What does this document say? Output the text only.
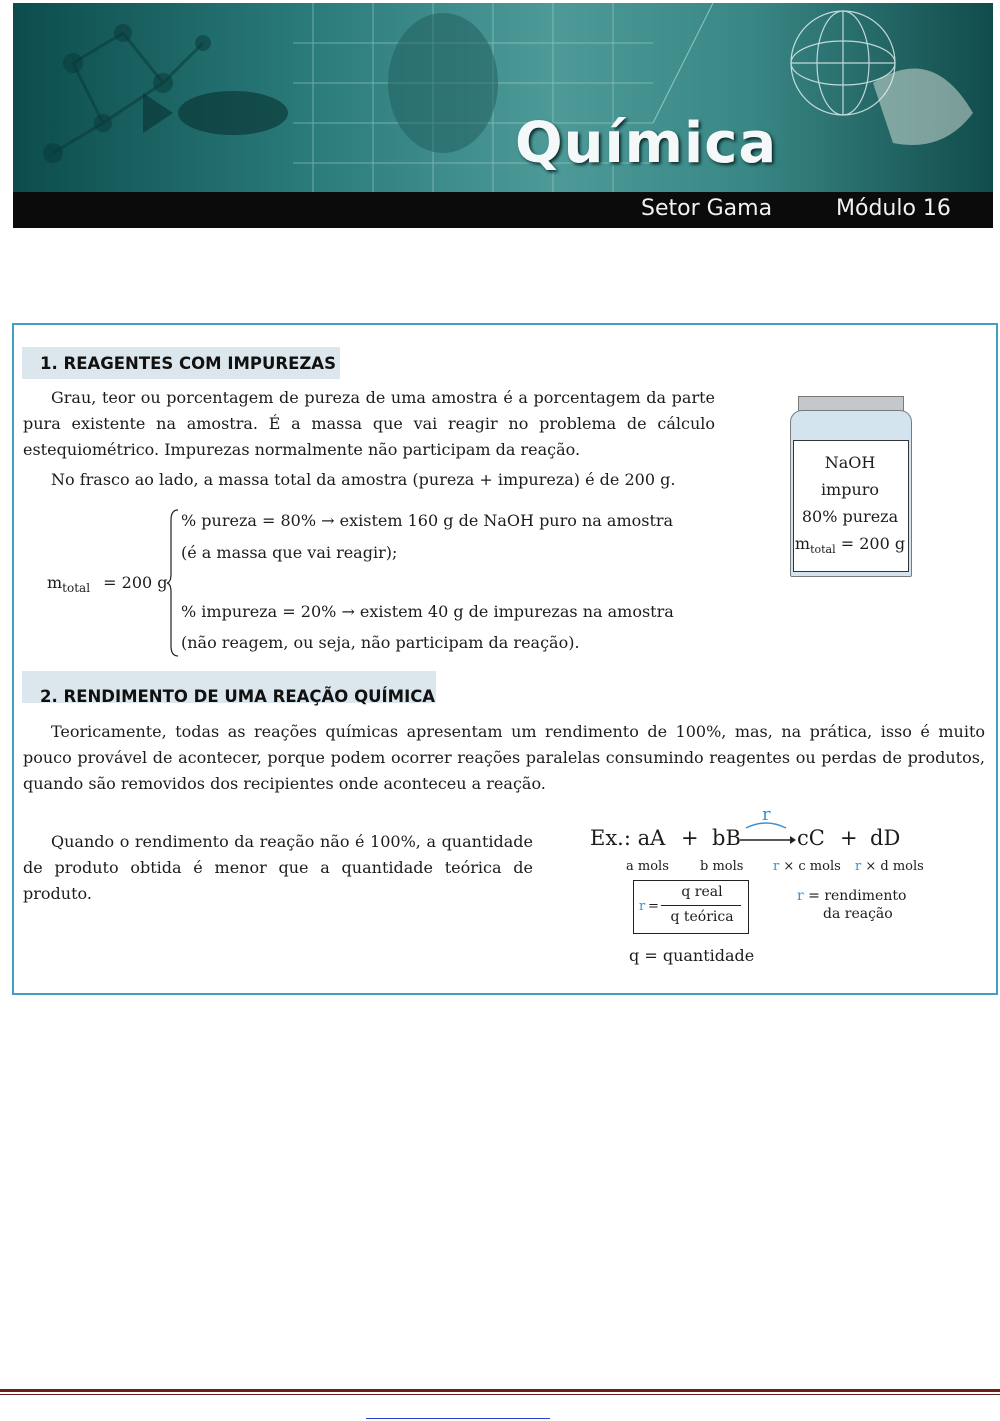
Química
Setor Gama	Módulo 16
1. REAGENTES COM IMPUREZAS

Grau, teor ou porcentagem de pureza de uma amostra é a porcentagem da parte pura existente na amostra. É a massa que vai reagir no problema de cálculo estequiométrico. Impurezas normalmente não participam da reação.

No frasco ao lado, a massa total da amostra (pureza + impureza) é de 200 g.
$m_{total} = 200$ g
% pureza = 80% → existem 160 g de NaOH puro na amostra
(é a massa que vai reagir);
% impureza = 20% → existem 40 g de impurezas na amostra
(não reagem, ou seja, não participam da reação).
NaOH
impuro
80% pureza
$m_{total} = 200$ g
2. RENDIMENTO DE UMA REAÇÃO QUÍMICA

Teoricamente, todas as reações químicas apresentam um rendimento de 100%, mas, na prática, isso é muito pouco provável de acontecer, porque podem ocorrer reações paralelas consumindo reagentes ou perdas de produtos, quando são removidos dos recipientes onde aconteceu a reação.

Quando o rendimento da reação não é 100%, a quantidade de produto obtida é menor que a quantidade teórica de produto.

Ex.: aA + bB
r
cC + dD
a mols b mols r × c mols r × d mols
r =
q real
q teórica
r = rendimento
da reação
q = quantidade
